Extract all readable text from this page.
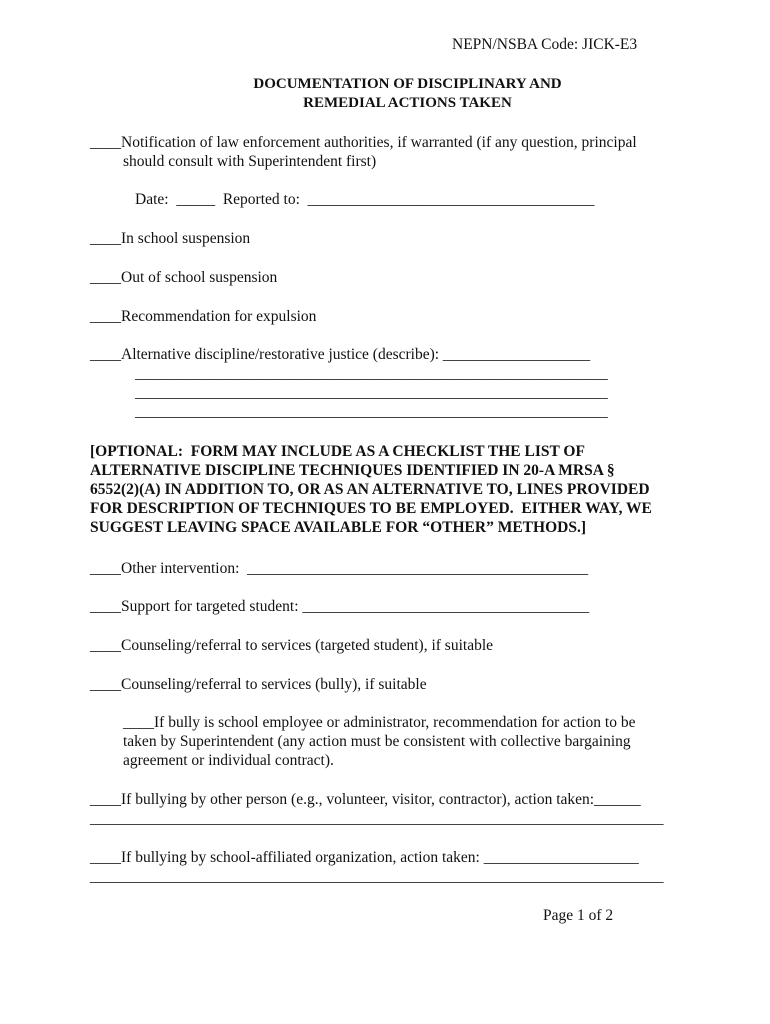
NEPN/NSBA Code: JICK-E3
DOCUMENTATION OF DISCIPLINARY AND
REMEDIAL ACTIONS TAKEN
____Notification of law enforcement authorities, if warranted (if any question, principal
should consult with Superintendent first)
Date:  _____  Reported to:  _____________________________________
____In school suspension
____Out of school suspension
____Recommendation for expulsion
____Alternative discipline/restorative justice (describe): ___________________
_____________________________________________________________
_____________________________________________________________
_____________________________________________________________
[OPTIONAL:  FORM MAY INCLUDE AS A CHECKLIST THE LIST OF
ALTERNATIVE DISCIPLINE TECHNIQUES IDENTIFIED IN 20-A MRSA §
6552(2)(A) IN ADDITION TO, OR AS AN ALTERNATIVE TO, LINES PROVIDED
FOR DESCRIPTION OF TECHNIQUES TO BE EMPLOYED.  EITHER WAY, WE
SUGGEST LEAVING SPACE AVAILABLE FOR “OTHER” METHODS.]
____Other intervention:  ____________________________________________
____Support for targeted student: _____________________________________
____Counseling/referral to services (targeted student), if suitable
____Counseling/referral to services (bully), if suitable
____If bully is school employee or administrator, recommendation for action to be
taken by Superintendent (any action must be consistent with collective bargaining
agreement or individual contract).
____If bullying by other person (e.g., volunteer, visitor, contractor), action taken:______
__________________________________________________________________________
____If bullying by school-affiliated organization, action taken: ____________________
__________________________________________________________________________
Page 1 of 2
